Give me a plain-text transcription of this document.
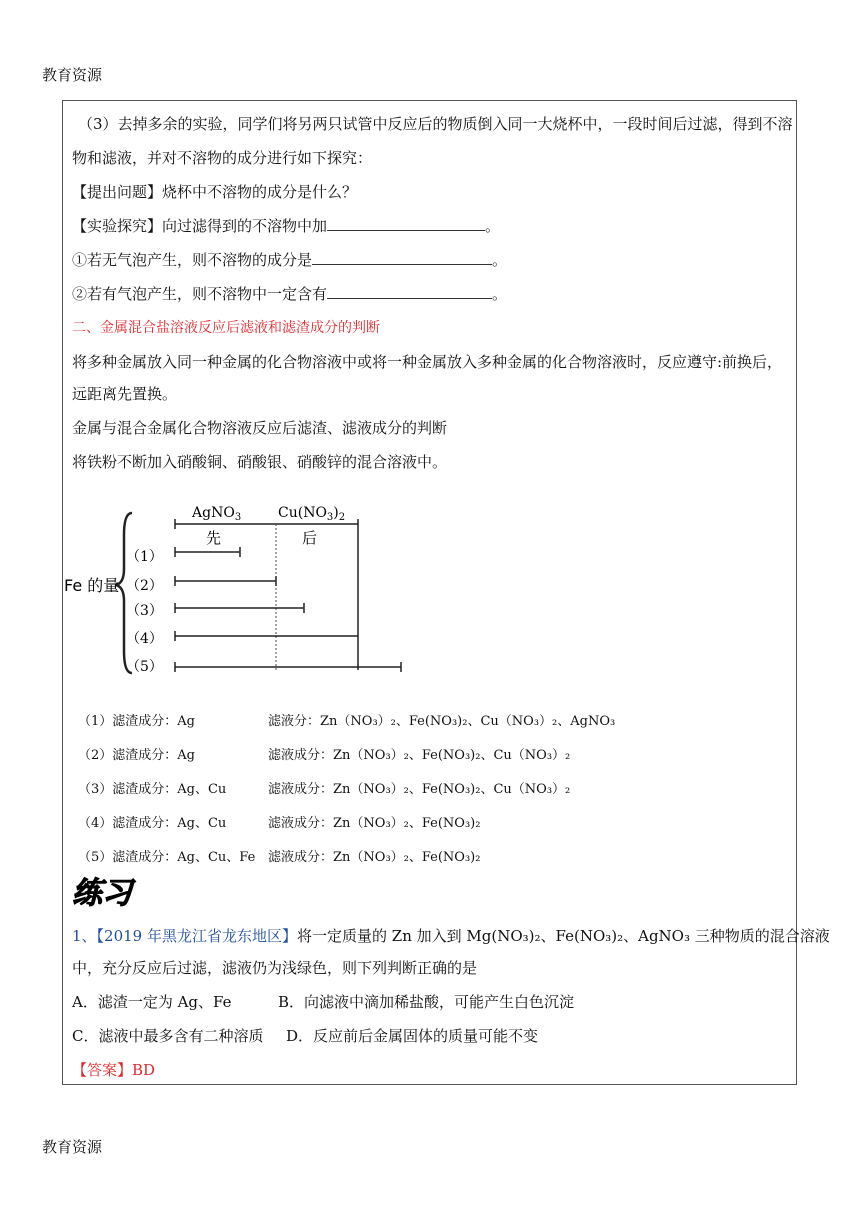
教育资源
（3）去掉多余的实验，同学们将另两只试管中反应后的物质倒入同一大烧杯中，一段时间后过滤，得到不溶
物和滤液，并对不溶物的成分进行如下探究：
【提出问题】烧杯中不溶物的成分是什么？
【实验探究】向过滤得到的不溶物中加	。
①若无气泡产生，则不溶物的成分是	。
②若有气泡产生，则不溶物中一定含有	。
二、金属混合盐溶液反应后滤液和滤渣成分的判断
将多种金属放入同一种金属的化合物溶液中或将一种金属放入多种金属的化合物溶液时，反应遵守:前换后，
远距离先置换。
金属与混合金属化合物溶液反应后滤渣、滤液成分的判断
将铁粉不断加入硝酸铜、硝酸银、硝酸锌的混合溶液中。
AgNO$_3$	$Cu(NO_3)_2$
先	后
Fe 的量
（1）
（2）
（3）
（4）
（5）
（1）滤渣成分：Ag	滤液分：Zn（NO₃）₂、Fe(NO₃)₂、Cu（NO₃）₂、AgNO₃
（2）滤渣成分：Ag	滤液成分：Zn（NO₃）₂、Fe(NO₃)₂、Cu（NO₃）₂
（3）滤渣成分：Ag、Cu	滤液成分：Zn（NO₃）₂、Fe(NO₃)₂、Cu（NO₃）₂
（4）滤渣成分：Ag、Cu	滤液成分：Zn（NO₃）₂、Fe(NO₃)₂
（5）滤渣成分：Ag、Cu、Fe 滤液成分：Zn（NO₃）₂、Fe(NO₃)₂
练习
1、【2019 年黑龙江省龙东地区】将一定质量的 Zn 加入到 Mg(NO₃)₂、Fe(NO₃)₂、AgNO₃ 三种物质的混合溶液
中，充分反应后过滤，滤液仍为浅绿色，则下列判断正确的是
A．滤渣一定为 Ag、Fe	B．向滤液中滴加稀盐酸，可能产生白色沉淀
C．滤液中最多含有二种溶质 D．反应前后金属固体的质量可能不变
【答案】BD
教育资源
